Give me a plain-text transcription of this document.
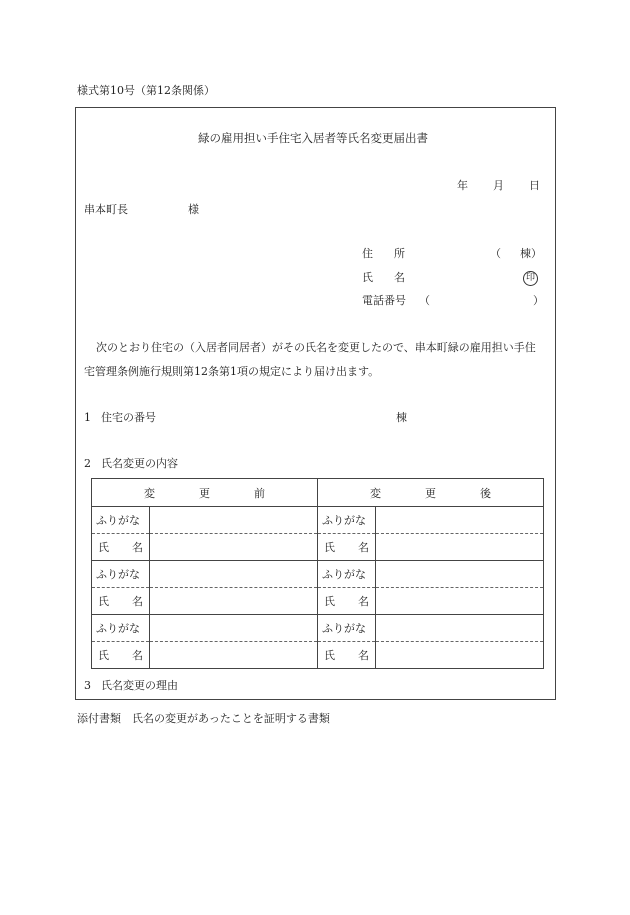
様式第10号（第12条関係）
緑の雇用担い手住宅入居者等氏名変更届出書
年 月 日
串本町長	様
住　所	（ 棟）
氏　名	印
電話番号 （	）
次のとおり住宅の（入居者同居者）がその氏名を変更したので、串本町緑の雇用担い手住
宅管理条例施行規則第12条第1項の規定により届け出ます。
1 住宅の番号	棟
2 氏名変更の内容
変 更 前		変 更 後	

ふりがな		ふりがな	

氏 名		氏 名	

ふりがな		ふりがな	

氏 名		氏 名	

ふりがな		ふりがな	

氏 名		氏 名	

3 氏名変更の理由
添付書類　氏名の変更があったことを証明する書類
